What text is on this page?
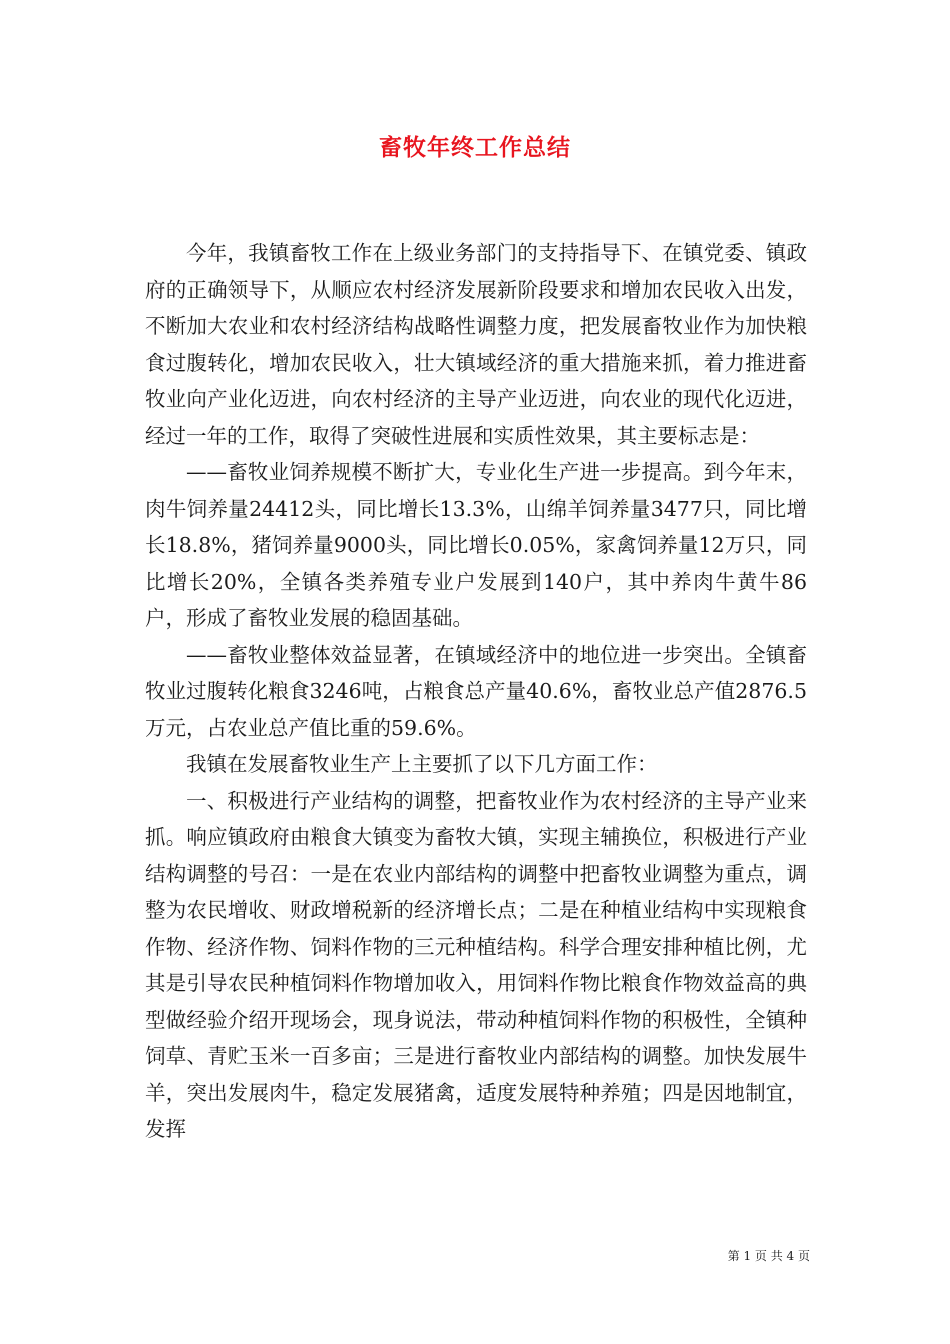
畜牧年终工作总结

今年，我镇畜牧工作在上级业务部门的支持指导下、在镇党委、镇政府的正确领导下，从顺应农村经济发展新阶段要求和增加农民收入出发，不断加大农业和农村经济结构战略性调整力度，把发展畜牧业作为加快粮食过腹转化，增加农民收入，壮大镇域经济的重大措施来抓，着力推进畜牧业向产业化迈进，向农村经济的主导产业迈进，向农业的现代化迈进，经过一年的工作，取得了突破性进展和实质性效果，其主要标志是：

——畜牧业饲养规模不断扩大，专业化生产进一步提高。到今年末，肉牛饲养量24412头，同比增长13.3%，山绵羊饲养量3477只，同比增长18.8%，猪饲养量9000头，同比增长0.05%，家禽饲养量12万只，同比增长20%，全镇各类养殖专业户发展到140户，其中养肉牛黄牛86户，形成了畜牧业发展的稳固基础。

——畜牧业整体效益显著，在镇域经济中的地位进一步突出。全镇畜牧业过腹转化粮食3246吨，占粮食总产量40.6%，畜牧业总产值2876.5万元，占农业总产值比重的59.6%。

我镇在发展畜牧业生产上主要抓了以下几方面工作：

一、积极进行产业结构的调整，把畜牧业作为农村经济的主导产业来抓。响应镇政府由粮食大镇变为畜牧大镇，实现主辅换位，积极进行产业结构调整的号召：一是在农业内部结构的调整中把畜牧业调整为重点，调整为农民增收、财政增税新的经济增长点；二是在种植业结构中实现粮食作物、经济作物、饲料作物的三元种植结构。科学合理安排种植比例，尤其是引导农民种植饲料作物增加收入，用饲料作物比粮食作物效益高的典型做经验介绍开现场会，现身说法，带动种植饲料作物的积极性，全镇种饲草、青贮玉米一百多亩；三是进行畜牧业内部结构的调整。加快发展牛羊，突出发展肉牛，稳定发展猪禽，适度发展特种养殖；四是因地制宜，发挥

第 1 页 共 4 页
